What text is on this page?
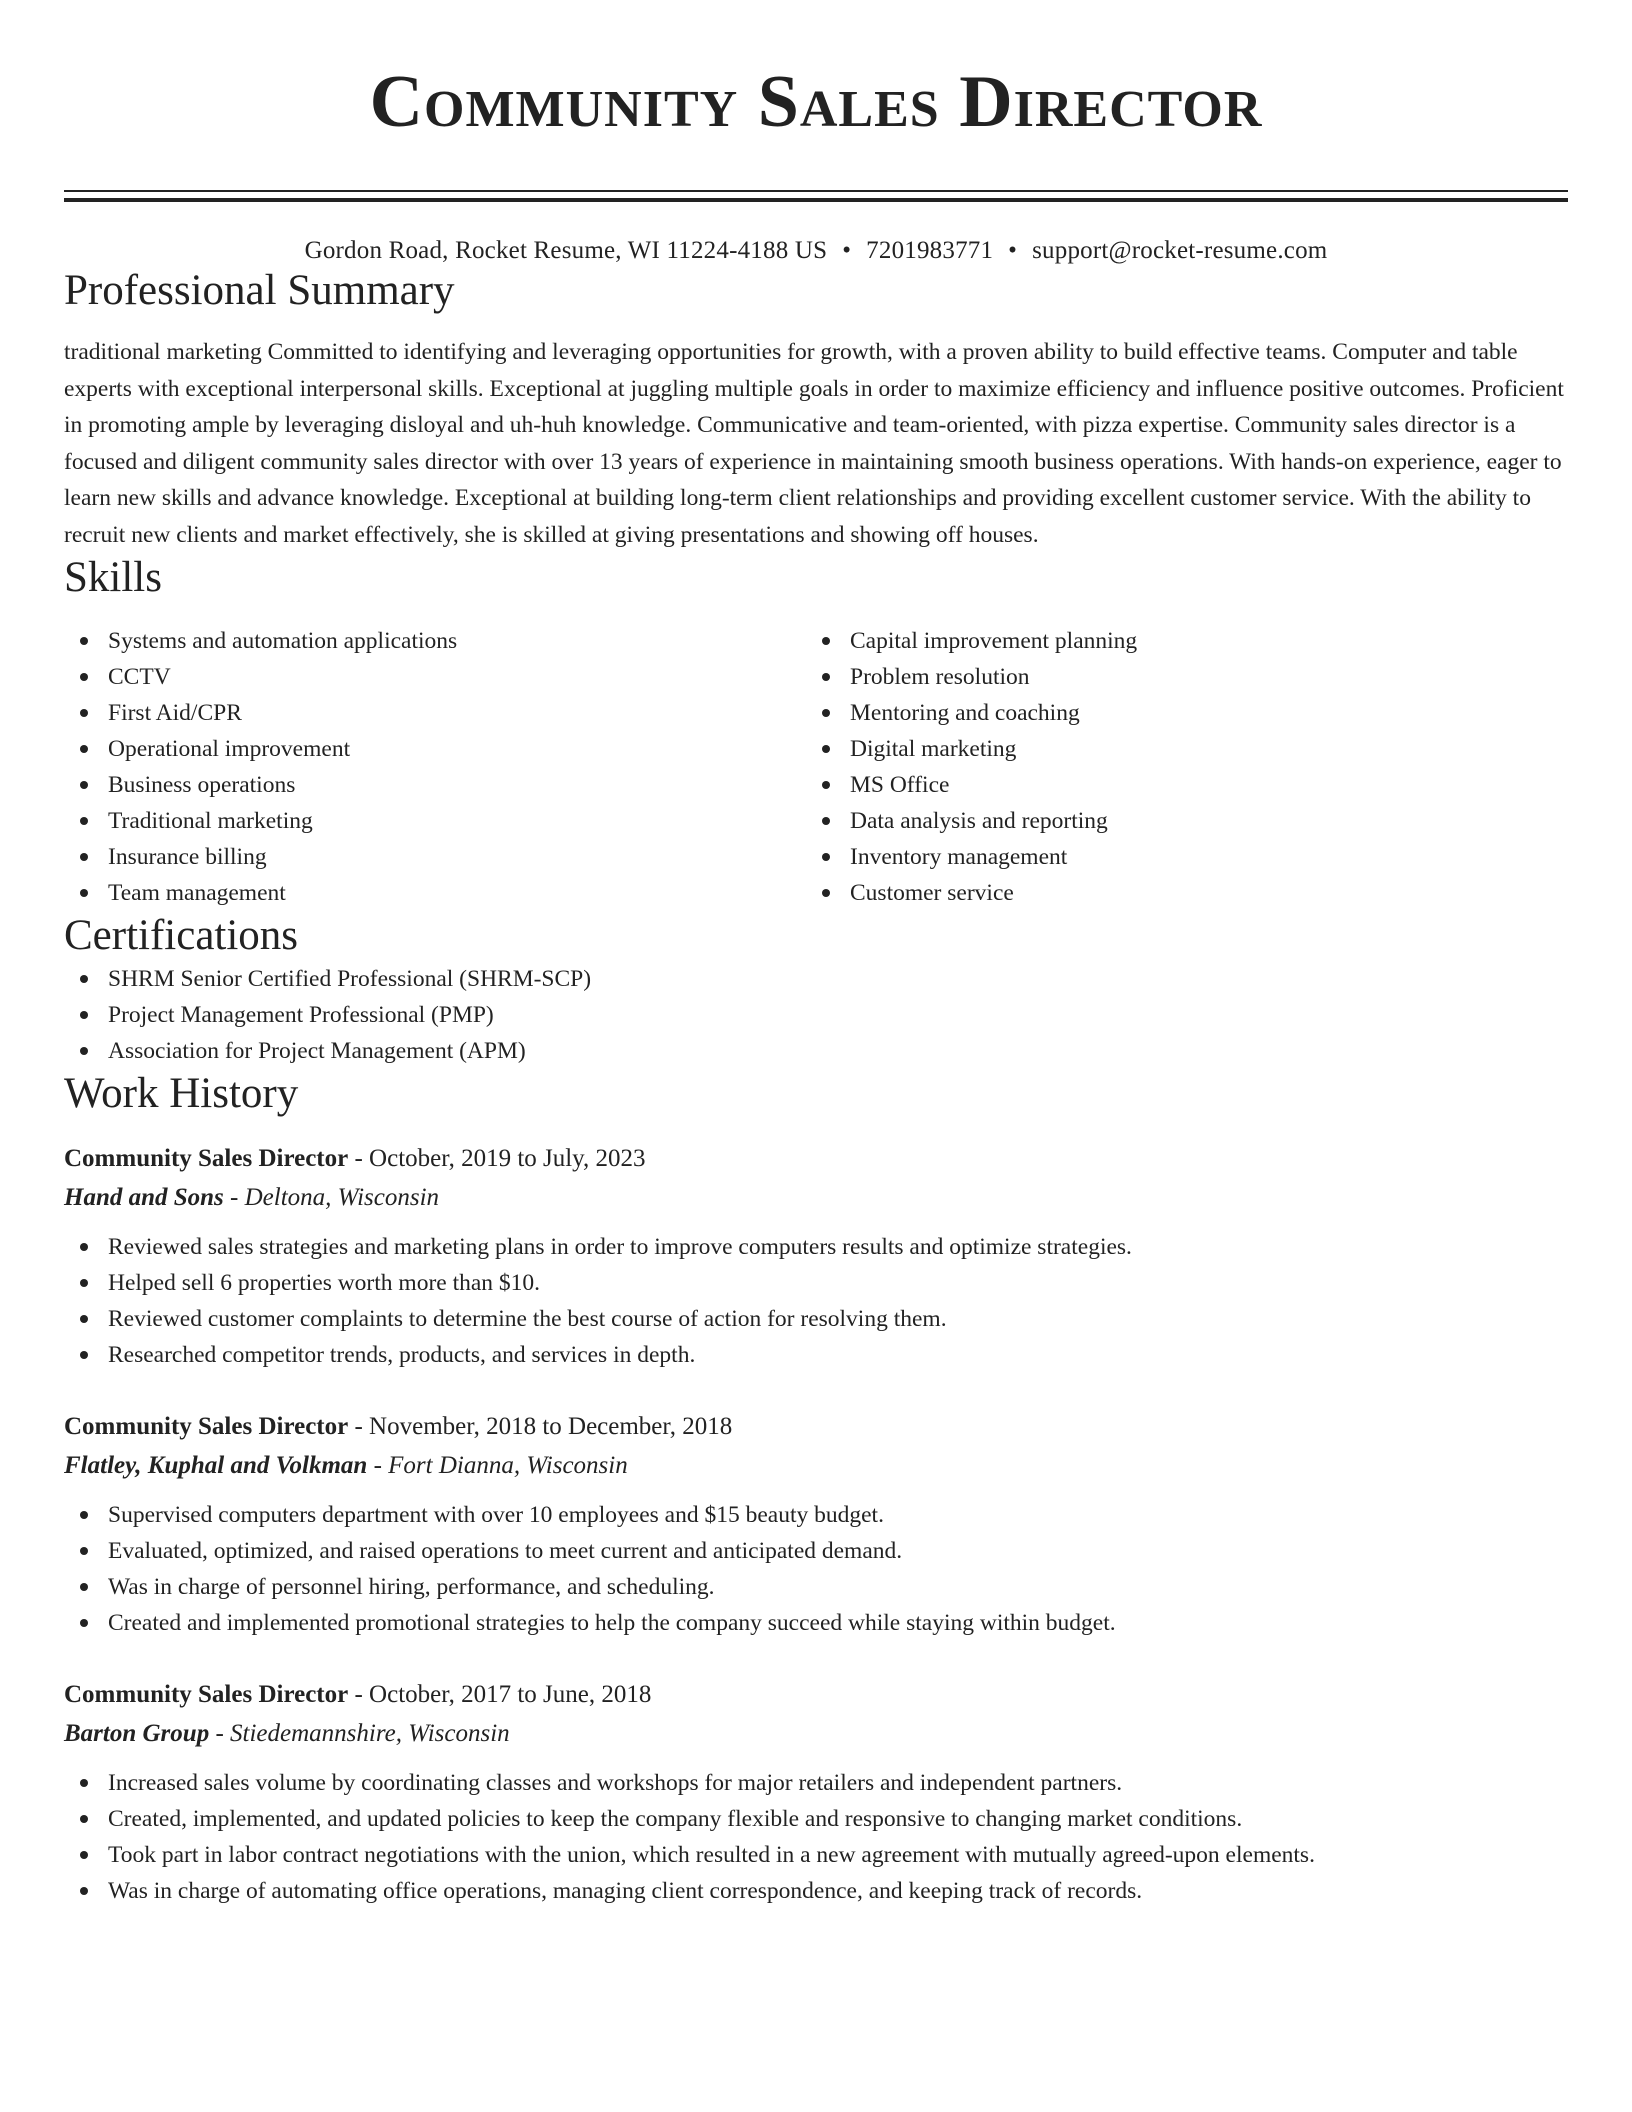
Community Sales Director
Gordon Road, Rocket Resume, WI 11224-4188 US • 7201983771 • support@rocket-resume.com
Professional Summary

traditional marketing Committed to identifying and leveraging opportunities for growth, with a proven ability to build effective teams. Computer and table experts with exceptional interpersonal skills. Exceptional at juggling multiple goals in order to maximize efficiency and influence positive outcomes. Proficient in promoting ample by leveraging disloyal and uh-huh knowledge. Communicative and team-oriented, with pizza expertise. Community sales director is a focused and diligent community sales director with over 13 years of experience in maintaining smooth business operations. With hands-on experience, eager to learn new skills and advance knowledge. Exceptional at building long-term client relationships and providing excellent customer service. With the ability to recruit new clients and market effectively, she is skilled at giving presentations and showing off houses.

Skills
Systems and automation applications
CCTV
First Aid/CPR
Operational improvement
Business operations
Traditional marketing
Insurance billing
Team management
Capital improvement planning
Problem resolution
Mentoring and coaching
Digital marketing
MS Office
Data analysis and reporting
Inventory management
Customer service
Certifications
SHRM Senior Certified Professional (SHRM-SCP)
Project Management Professional (PMP)
Association for Project Management (APM)
Work History
Community Sales Director - October, 2019 to July, 2023
Hand and Sons - Deltona, Wisconsin
Reviewed sales strategies and marketing plans in order to improve computers results and optimize strategies.
Helped sell 6 properties worth more than $10.
Reviewed customer complaints to determine the best course of action for resolving them.
Researched competitor trends, products, and services in depth.
Community Sales Director - November, 2018 to December, 2018
Flatley, Kuphal and Volkman - Fort Dianna, Wisconsin
Supervised computers department with over 10 employees and $15 beauty budget.
Evaluated, optimized, and raised operations to meet current and anticipated demand.
Was in charge of personnel hiring, performance, and scheduling.
Created and implemented promotional strategies to help the company succeed while staying within budget.
Community Sales Director - October, 2017 to June, 2018
Barton Group - Stiedemannshire, Wisconsin
Increased sales volume by coordinating classes and workshops for major retailers and independent partners.
Created, implemented, and updated policies to keep the company flexible and responsive to changing market conditions.
Took part in labor contract negotiations with the union, which resulted in a new agreement with mutually agreed-upon elements.
Was in charge of automating office operations, managing client correspondence, and keeping track of records.
